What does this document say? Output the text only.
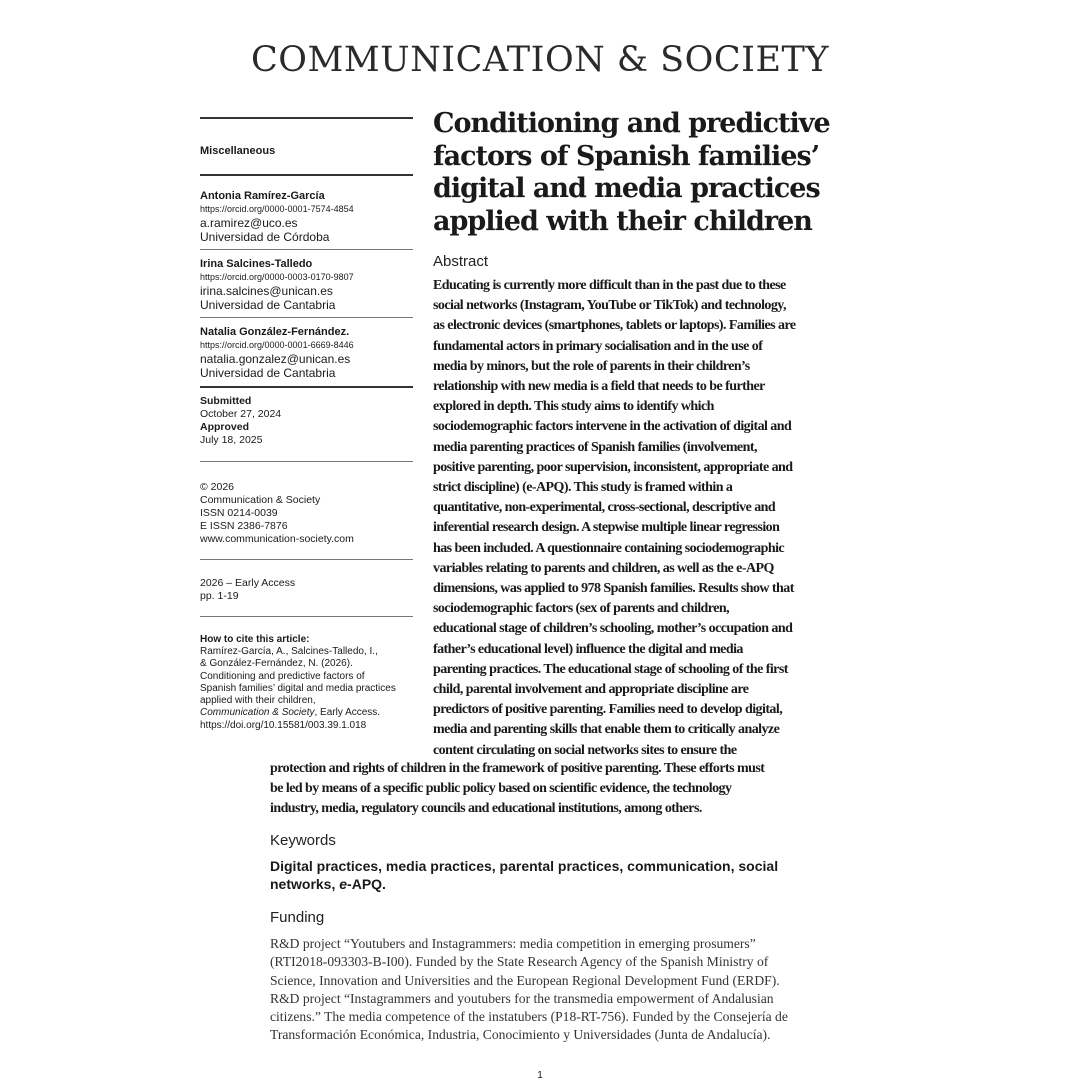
COMMUNICATION & SOCIETY
Miscellaneous
Antonia Ramírez-García
https://orcid.org/0000-0001-7574-4854
a.ramirez@uco.es
Universidad de Córdoba
Irina Salcines-Talledo
https://orcid.org/0000-0003-0170-9807
irina.salcines@unican.es
Universidad de Cantabria
Natalia González-Fernández.
https://orcid.org/0000-0001-6669-8446
natalia.gonzalez@unican.es
Universidad de Cantabria
Submitted
October 27, 2024
Approved
July 18, 2025
© 2026
Communication & Society
ISSN 0214-0039
E ISSN 2386-7876
www.communication-society.com
2026 – Early Access
pp. 1-19
How to cite this article:
Ramírez-García, A., Salcines-Talledo, I.,
& González-Fernández, N. (2026).
Conditioning and predictive factors of
Spanish families’ digital and media practices
applied with their children,
Communication & Society, Early Access.
https://doi.org/10.15581/003.39.1.018
Conditioning and predictive
factors of Spanish families’
digital and media practices
applied with their children
Abstract
Educating is currently more difficult than in the past due to these
social networks (Instagram, YouTube or TikTok) and technology,
as electronic devices (smartphones, tablets or laptops). Families are
fundamental actors in primary socialisation and in the use of
media by minors, but the role of parents in their children’s
relationship with new media is a field that needs to be further
explored in depth. This study aims to identify which
sociodemographic factors intervene in the activation of digital and
media parenting practices of Spanish families (involvement,
positive parenting, poor supervision, inconsistent, appropriate and
strict discipline) (e-APQ). This study is framed within a
quantitative, non-experimental, cross-sectional, descriptive and
inferential research design. A stepwise multiple linear regression
has been included. A questionnaire containing sociodemographic
variables relating to parents and children, as well as the e-APQ
dimensions, was applied to 978 Spanish families. Results show that
sociodemographic factors (sex of parents and children,
educational stage of children’s schooling, mother’s occupation and
father’s educational level) influence the digital and media
parenting practices. The educational stage of schooling of the first
child, parental involvement and appropriate discipline are
predictors of positive parenting. Families need to develop digital,
media and parenting skills that enable them to critically analyze
content circulating on social networks sites to ensure the
protection and rights of children in the framework of positive parenting. These efforts must
be led by means of a specific public policy based on scientific evidence, the technology
industry, media, regulatory councils and educational institutions, among others.
Keywords
Digital practices, media practices, parental practices, communication, social networks, e-APQ.
Funding
R&D project “Youtubers and Instagrammers: media competition in emerging prosumers”
(RTI2018-093303-B-I00). Funded by the State Research Agency of the Spanish Ministry of
Science, Innovation and Universities and the European Regional Development Fund (ERDF).
R&D project “Instagrammers and youtubers for the transmedia empowerment of Andalusian
citizens.” The media competence of the instatubers (P18-RT-756). Funded by the Consejería de
Transformación Económica, Industria, Conocimiento y Universidades (Junta de Andalucía).
1
